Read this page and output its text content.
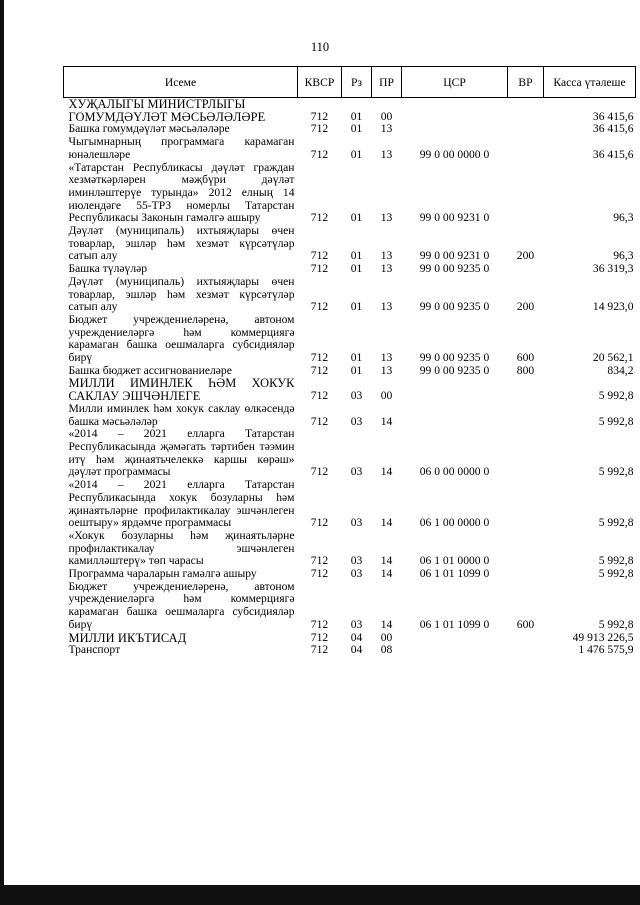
110
Исеме	КВСР	Рз	ПР	ЦСР	ВР	Касса үтәлеше
ХУҖАЛЫГЫ МИНИСТРЛЫГЫ						
ГОМУМДӘҮЛӘТ МӘСЬӘЛӘЛӘРЕ	712	01	00			36 415,6
Башка гомумдәүләт мәсьәләләре	712	01	13			36 415,6
Чыгымнарның программага карамаган юнәлешләре	712	01	13	99 0 00 0000 0		36 415,6
«Татарстан Республикасы дәүләт граждан хезмәткәрләрен мәҗбүри дәүләт иминләштерүе турында» 2012 елның 14 июлендәге 55-ТРЗ номерлы Татарстан Республикасы Законын гамәлгә ашыру	712	01	13	99 0 00 9231 0		96,3
Дәүләт (муниципаль) ихтыяҗлары өчен товарлар, эшләр һәм хезмәт күрсәтүләр сатып алу	712	01	13	99 0 00 9231 0	200	96,3
Башка түләүләр	712	01	13	99 0 00 9235 0		36 319,3
Дәүләт (муниципаль) ихтыяҗлары өчен товарлар, эшләр һәм хезмәт күрсәтүләр сатып алу	712	01	13	99 0 00 9235 0	200	14 923,0
Бюджет учреждениеләренә, автоном учреждениеләргә һәм коммерциягә карамаган башка оешмаларга субсидияләр бирү	712	01	13	99 0 00 9235 0	600	20 562,1
Башка бюджет ассигнованиеләре	712	01	13	99 0 00 9235 0	800	834,2
МИЛЛИ ИМИНЛЕК ҺӘМ ХОКУК САКЛАУ ЭШЧӘНЛЕГЕ	712	03	00			5 992,8
Милли иминлек һәм хокук саклау өлкәсендә башка мәсьәләләр	712	03	14			5 992,8
«2014 – 2021 елларга Татарстан Республикасында җәмәгать тәртибен тәэмин итү һәм җинаятьчелеккә каршы көрәш» дәүләт программасы	712	03	14	06 0 00 0000 0		5 992,8
«2014 – 2021 елларга Татарстан Республикасында хокук бозуларны һәм җинаятьләрне профилактикалау эшчәнлеген оештыру» ярдәмче программасы	712	03	14	06 1 00 0000 0		5 992,8
«Хокук бозуларны һәм җинаятьләрне профилактикалау эшчәнлеген камилләштерү» төп чарасы	712	03	14	06 1 01 0000 0		5 992,8
Программа чараларын гамәлгә ашыру	712	03	14	06 1 01 1099 0		5 992,8
Бюджет учреждениеләренә, автоном учреждениеләргә һәм коммерциягә карамаган башка оешмаларга субсидияләр бирү	712	03	14	06 1 01 1099 0	600	5 992,8
МИЛЛИ ИКЪТИСАД	712	04	00			49 913 226,5
Транспорт	712	04	08			1 476 575,9
